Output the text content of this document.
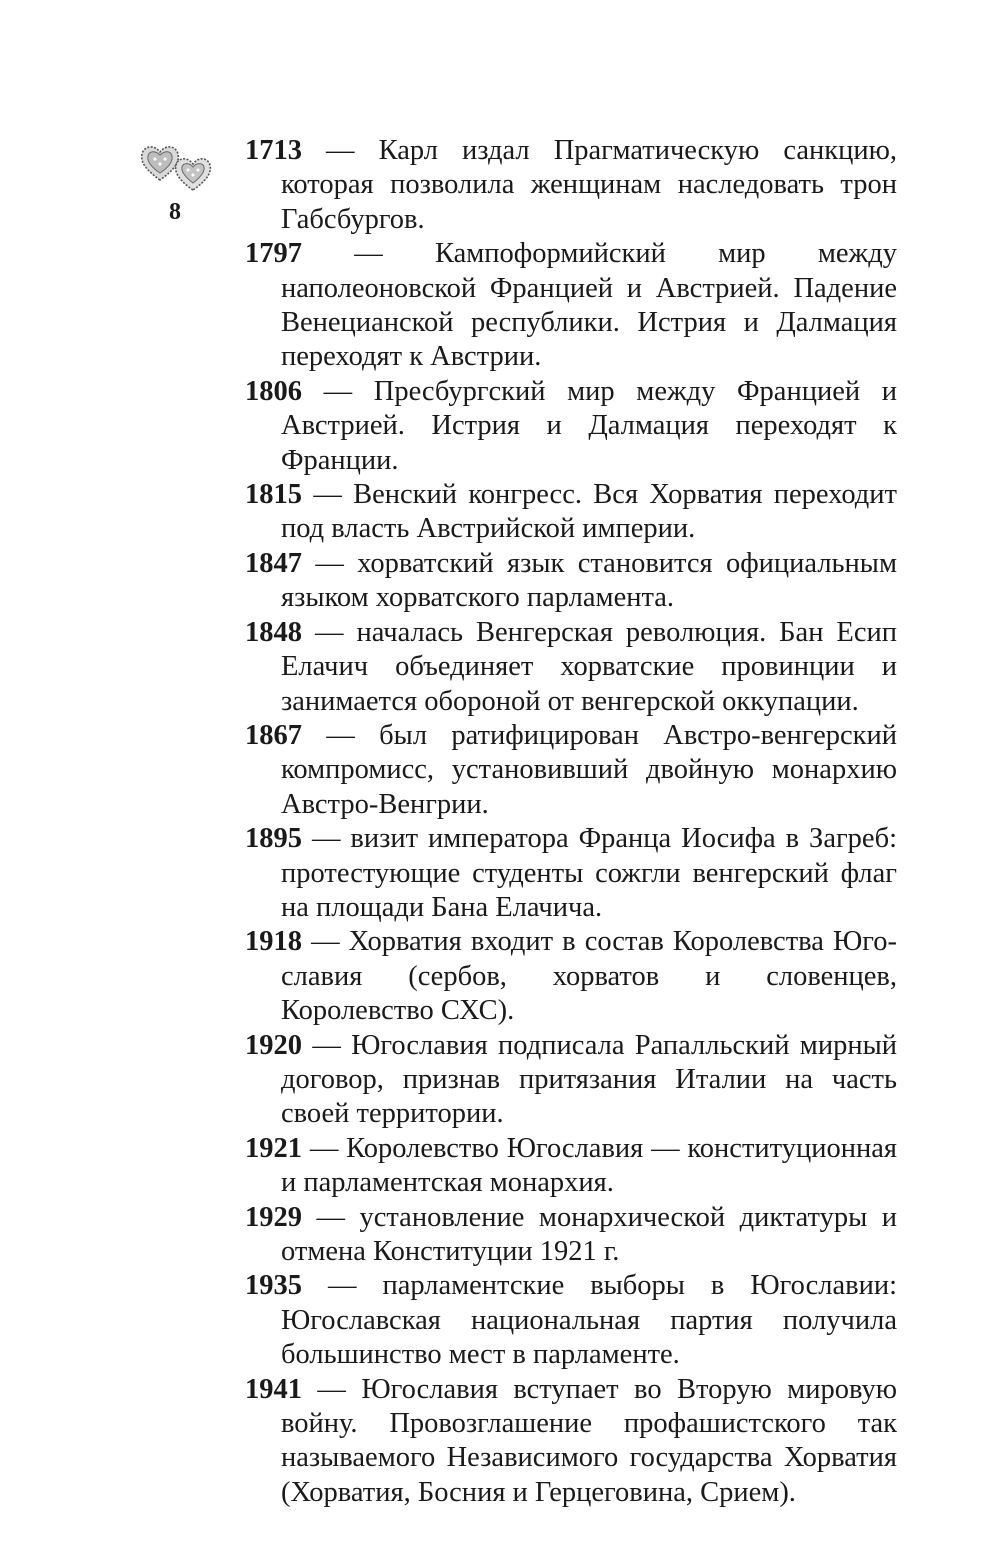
8
1713 — Карл издал Прагматическую санкцию, которая позволила женщинам наследовать трон Габсбургов.
1797 — Кампоформийский мир между наполеоновской Францией и Австрией. Падение Венецианской республики. Истрия и Далмация переходят к Австрии.
1806 — Пресбургский мир между Францией и Австрией. Истрия и Далмация переходят к Франции.
1815 — Венский конгресс. Вся Хорватия переходит под власть Австрийской империи.
1847 — хорватский язык становится официальным языком хорватского парламента.
1848 — началась Венгерская революция. Бан Есип Елачич объединяет хорватские провинции и занимается обороной от венгерской оккупации.
1867 — был ратифицирован Австро-венгерский компромисс, установивший двойную монархию Австро-Венгрии.
1895 — визит императора Франца Иосифа в Загреб: протестующие студенты сожгли венгерский флаг на площади Бана Елачича.
1918 — Хорватия входит в состав Королевства Югославия (сербов, хорватов и словенцев, Королевство СХС).
1920 — Югославия подписала Рапалльский мирный договор, признав притязания Италии на часть своей территории.
1921 — Королевство Югославия — конституционная и парламентская монархия.
1929 — установление монархической диктатуры и отмена Конституции 1921 г.
1935 — парламентские выборы в Югославии: Югославская национальная партия получила большинство мест в парламенте.
1941 — Югославия вступает во Вторую мировую войну. Провозглашение профашистского так называемого Независимого государства Хорватия (Хорватия, Босния и Герцеговина, Срием).
